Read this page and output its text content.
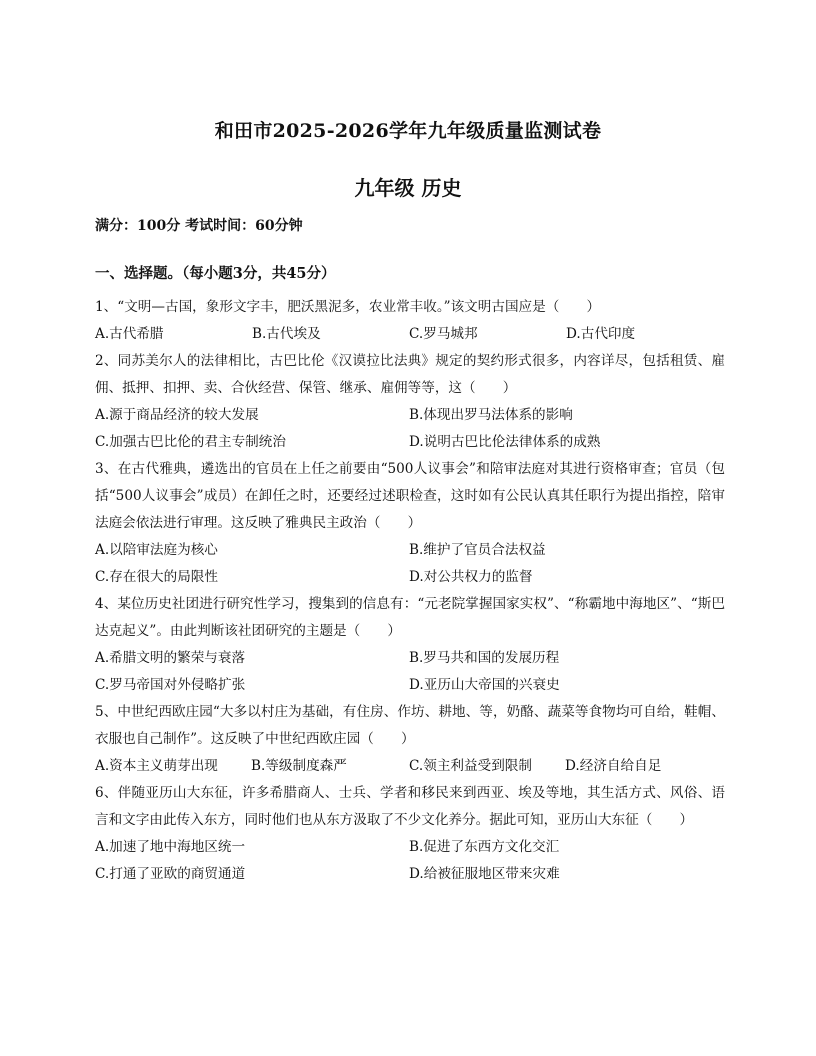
和田市2025-2026学年九年级质量监测试卷
九年级 历史
满分：100分 考试时间：60分钟
一、选择题。（每小题3分，共45分）

1、“文明—古国，象形文字丰，肥沃黑泥多，农业常丰收。”该文明古国应是（　　）

A.古代希腊	B.古代埃及	C.罗马城邦	D.古代印度

2、同苏美尔人的法律相比，古巴比伦《汉谟拉比法典》规定的契约形式很多，内容详尽，包括租赁、雇佣、抵押、扣押、卖、合伙经营、保管、继承、雇佣等等，这（　　）

A.源于商品经济的较大发展	B.体现出罗马法体系的影响
C.加强古巴比伦的君主专制统治	D.说明古巴比伦法律体系的成熟

3、在古代雅典，遴选出的官员在上任之前要由“500人议事会”和陪审法庭对其进行资格审查；官员（包括“500人议事会”成员）在卸任之时，还要经过述职检查，这时如有公民认真其任职行为提出指控，陪审法庭会依法进行审理。这反映了雅典民主政治（　　）

A.以陪审法庭为核心	B.维护了官员合法权益
C.存在很大的局限性	D.对公共权力的监督

4、某位历史社团进行研究性学习，搜集到的信息有：“元老院掌握国家实权”、“称霸地中海地区”、“斯巴达克起义”。由此判断该社团研究的主题是（　　）

A.希腊文明的繁荣与衰落	B.罗马共和国的发展历程
C.罗马帝国对外侵略扩张	D.亚历山大帝国的兴衰史

5、中世纪西欧庄园“大多以村庄为基础，有住房、作坊、耕地、等，奶酪、蔬菜等食物均可自给，鞋帽、衣服也自己制作”。这反映了中世纪西欧庄园（　　）

A.资本主义萌芽出现	B.等级制度森严	C.领主利益受到限制	D.经济自给自足

6、伴随亚历山大东征，许多希腊商人、士兵、学者和移民来到西亚、埃及等地，其生活方式、风俗、语言和文字由此传入东方，同时他们也从东方汲取了不少文化养分。据此可知，亚历山大东征（　　）

A.加速了地中海地区统一	B.促进了东西方文化交汇
C.打通了亚欧的商贸通道	D.给被征服地区带来灾难
